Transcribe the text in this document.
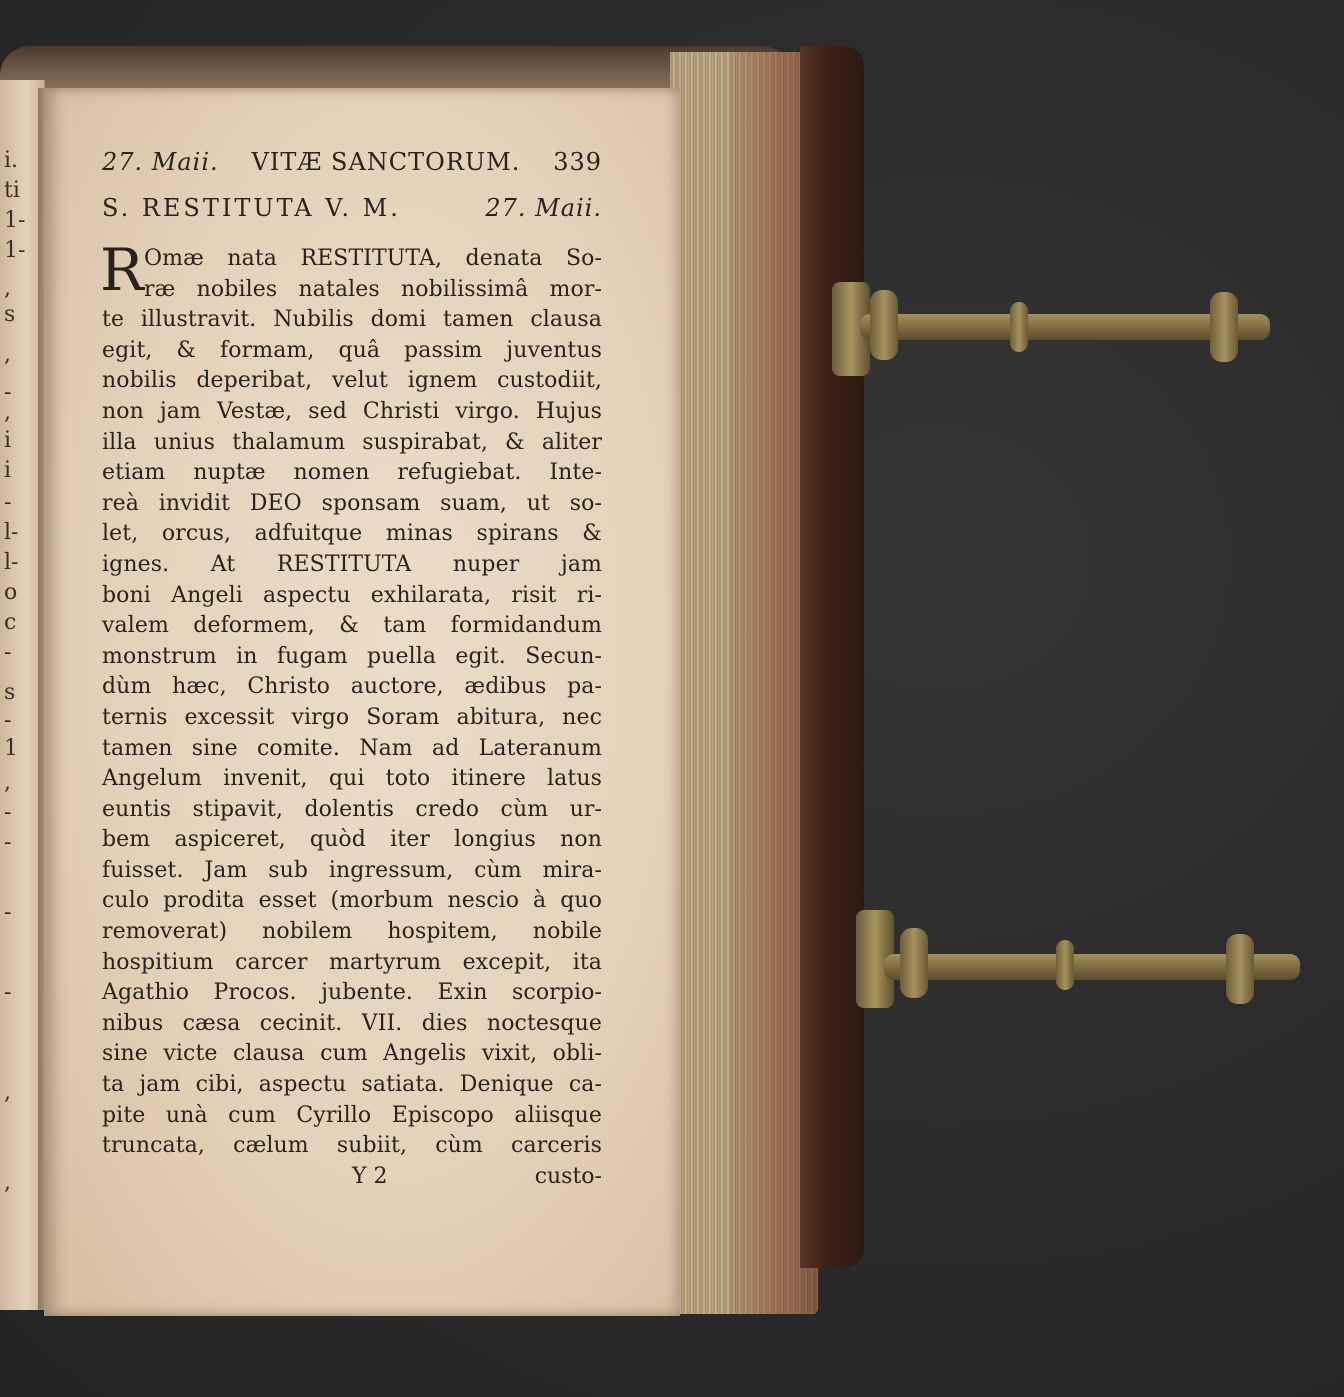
i.
ti
1-
1-
,
s
,
-
,
i
i
-
l-
l-
o
c
-
s
-
1
,
-
-
-
-
,
,
27. Maii. VITÆ SANCTORUM. 339
S. RESTITUTA V. M.	27. Maii.
R Omæ nata RESTITUTA, denata So-
ræ nobiles natales nobilissimâ mor-
te illustravit. Nubilis domi tamen clausa
egit, & formam, quâ passim juventus
nobilis deperibat, velut ignem custodiit,
non jam Vestæ, sed Christi virgo. Hujus
illa unius thalamum suspirabat, & aliter
etiam nuptæ nomen refugiebat. Inte-
reà invidit DEO sponsam suam, ut so-
let, orcus, adfuitque minas spirans &
ignes. At RESTITUTA nuper jam
boni Angeli aspectu exhilarata, risit ri-
valem deformem, & tam formidandum
monstrum in fugam puella egit. Secun-
dùm hæc, Christo auctore, ædibus pa-
ternis excessit virgo Soram abitura, nec
tamen sine comite. Nam ad Lateranum
Angelum invenit, qui toto itinere latus
euntis stipavit, dolentis credo cùm ur-
bem aspiceret, quòd iter longius non
fuisset. Jam sub ingressum, cùm mira-
culo prodita esset (morbum nescio à quo
removerat) nobilem hospitem, nobile
hospitium carcer martyrum excepit, ita
Agathio Procos. jubente. Exin scorpio-
nibus cæsa cecinit. VII. dies noctesque
sine victe clausa cum Angelis vixit, obli-
ta jam cibi, aspectu satiata. Denique ca-
pite unà cum Cyrillo Episcopo aliisque
truncata, cælum subiit, cùm carceris
Y 2	custo-
